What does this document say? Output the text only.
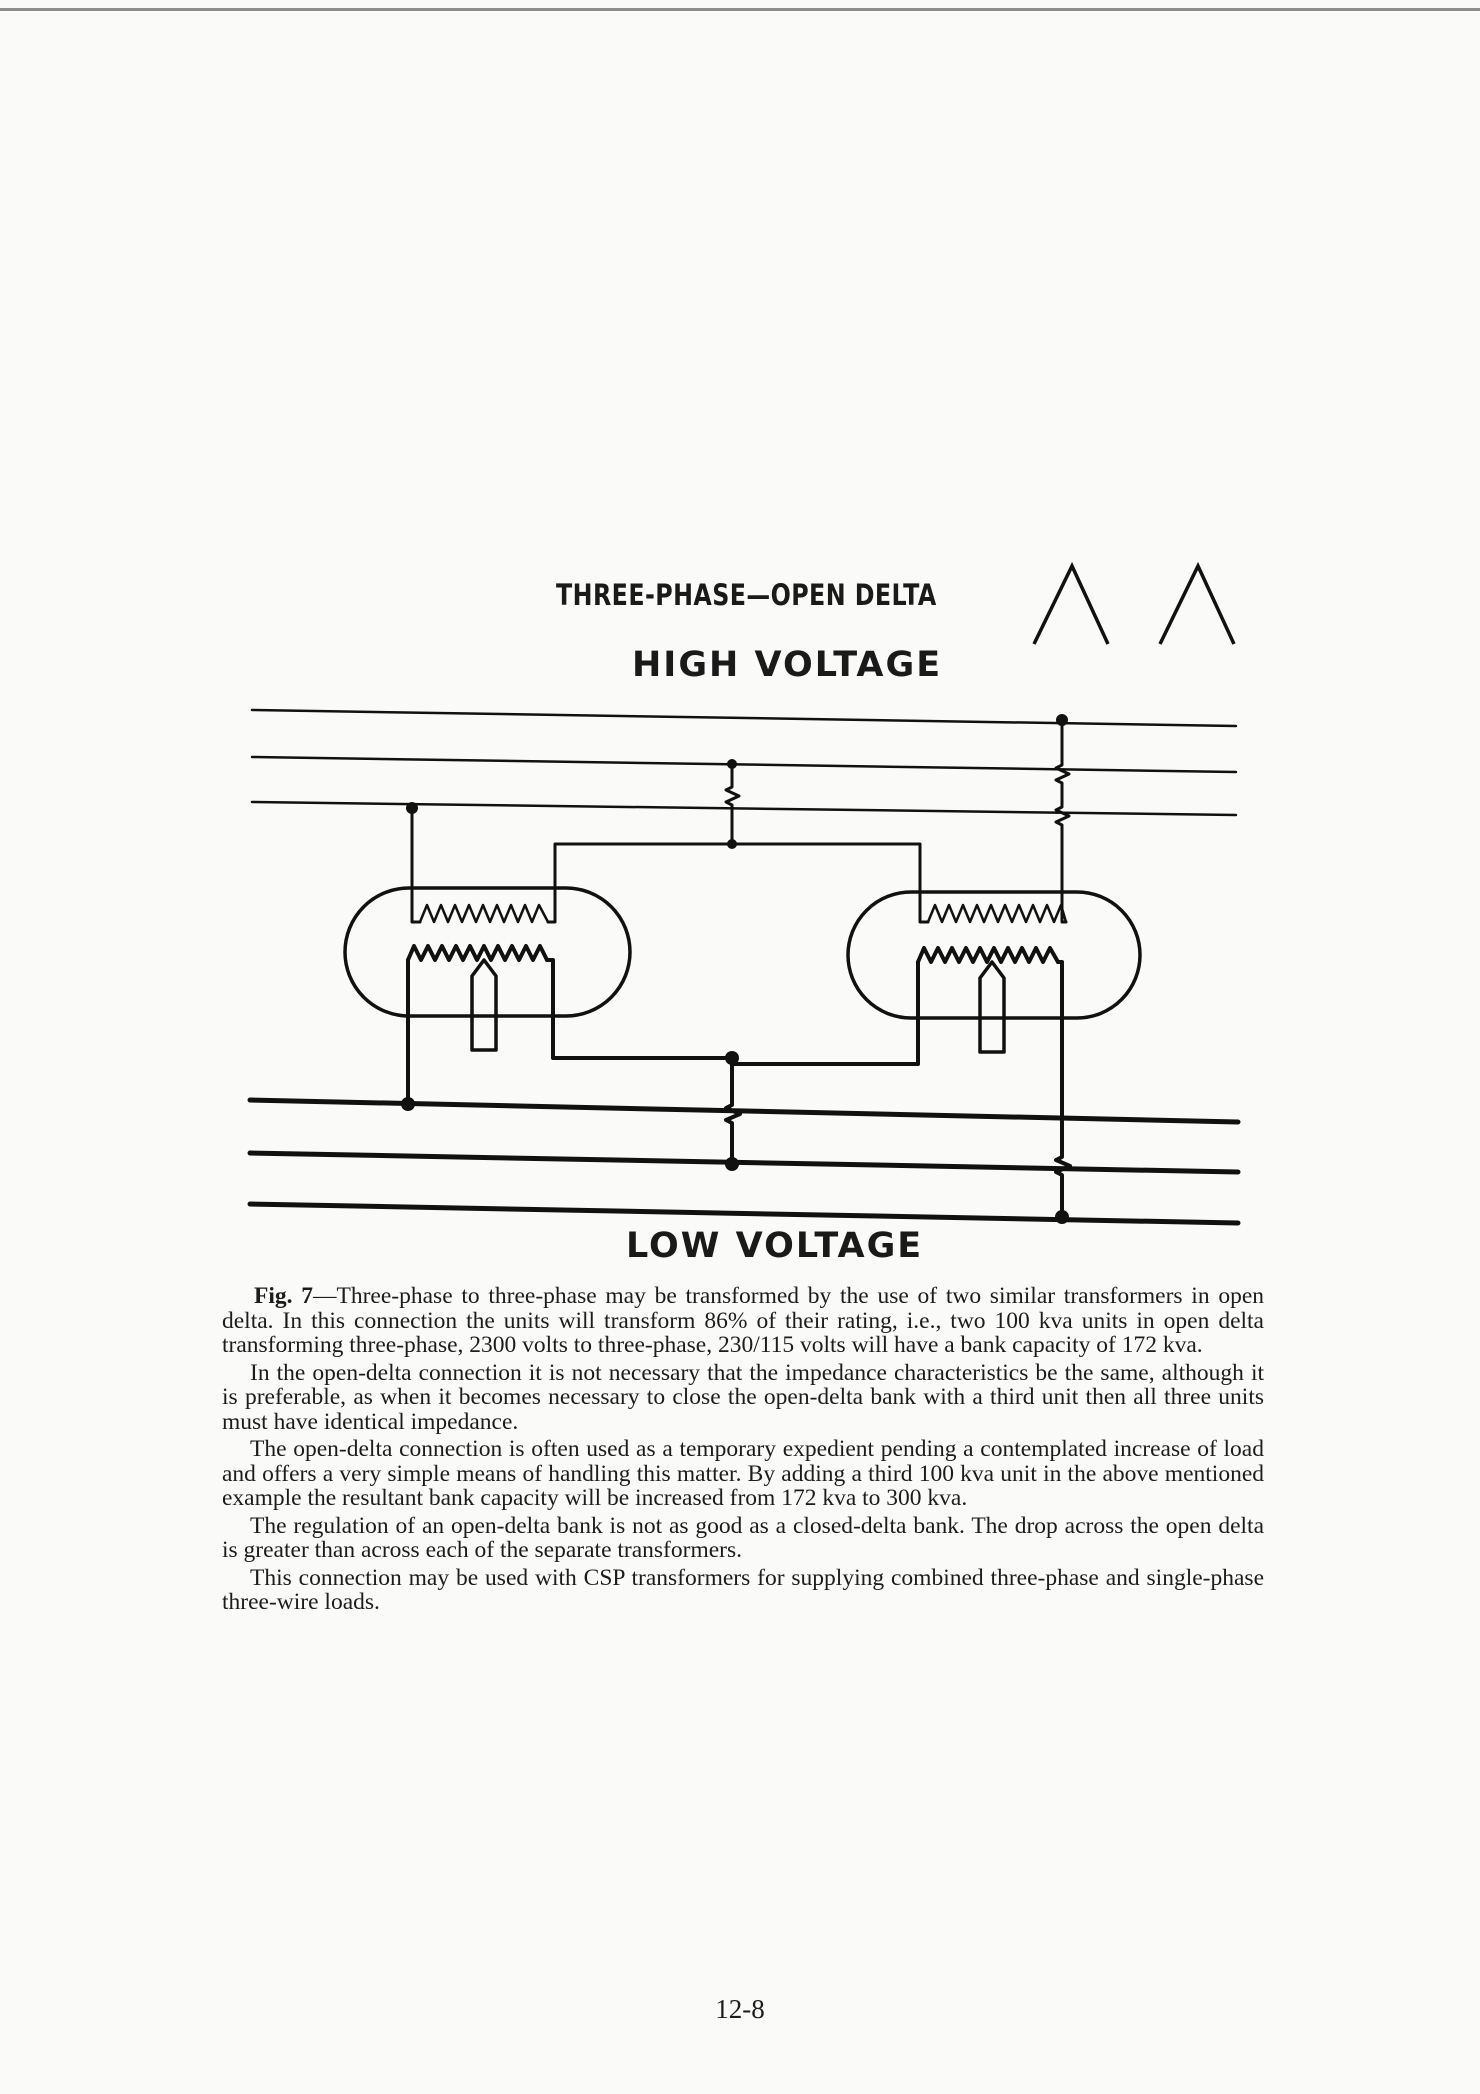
THREE-PHASE—OPEN DELTA
HIGH VOLTAGE
LOW VOLTAGE

Fig. 7—Three-phase to three-phase may be transformed by the use of two similar transformers in open delta. In this connection the units will transform 86% of their rating, i.e., two 100 kva units in open delta transforming three-phase, 2300 volts to three-phase, 230/115 volts will have a bank capacity of 172 kva.

In the open-delta connection it is not necessary that the impedance characteristics be the same, although it is preferable, as when it becomes necessary to close the open-delta bank with a third unit then all three units must have identical impedance.

The open-delta connection is often used as a temporary expedient pending a contemplated increase of load and offers a very simple means of handling this matter. By adding a third 100 kva unit in the above mentioned example the resultant bank capacity will be increased from 172 kva to 300 kva.

The regulation of an open-delta bank is not as good as a closed-delta bank. The drop across the open delta is greater than across each of the separate transformers.

This connection may be used with CSP transformers for supplying combined three-phase and single-phase three-wire loads.

12-8
